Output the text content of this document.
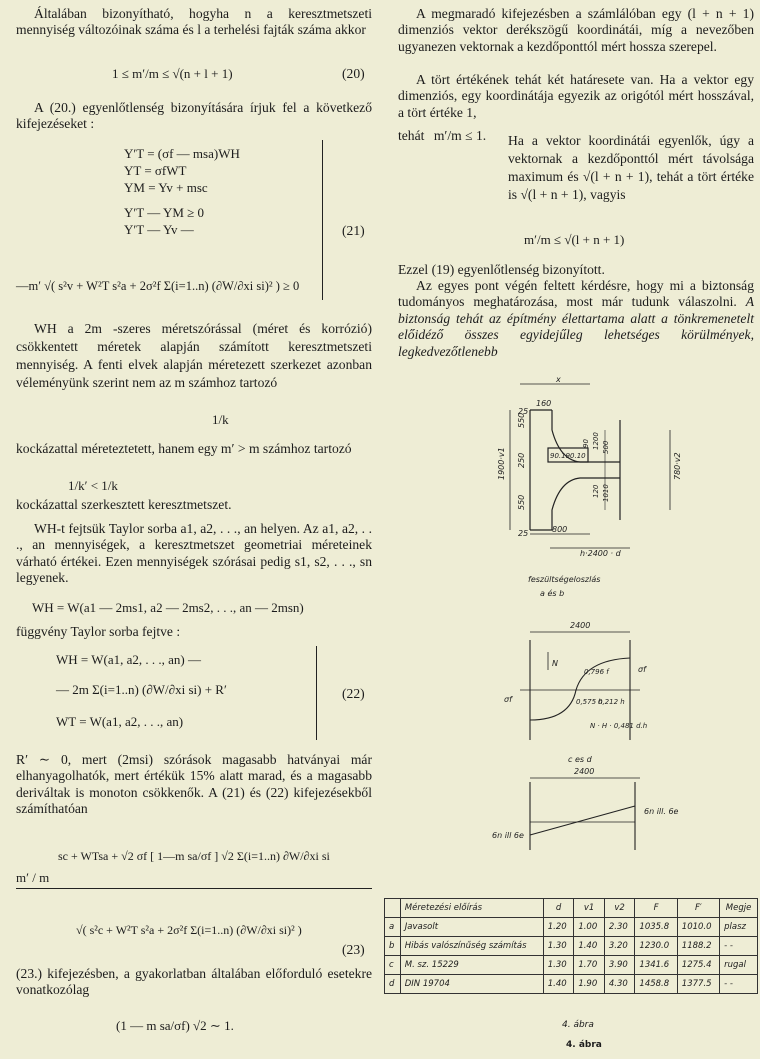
Általában bizonyítható, hogyha n a keresztmetszeti mennyiség változóinak száma és l a terhelési fajták száma akkor

1 ≤ m′/m ≤ √(n + l + 1)	(20)

A (20.) egyenlőtlenség bizonyítására írjuk fel a következő kifejezéseket :

Y′T = (σf — msa)WH
YT = σfWT
YM = Yv + msc
Y′T — YM ≥ 0
Y′T — Yv —
—m′ √( s²v + W²T s²a + 2σ²f Σ(i=1..n) (∂W/∂xi si)² ) ≥ 0
(21)

WH a 2m -szeres méretszórással (méret és korrózió) csökkentett méretek alapján számított keresztmetszeti mennyiség. A fenti elvek alapján méretezett szerkezet azonban véleményünk szerint nem az m számhoz tartozó

1/k

kockázattal méreteztetett, hanem egy m′ > m számhoz tartozó

1/k′ < 1/k

kockázattal szerkesztett keresztmetszet.

WH-t fejtsük Taylor sorba a1, a2, . . ., an helyen. Az a1, a2, . . ., an mennyiségek, a keresztmetszet geometriai méreteinek várható értékei. Ezen mennyiségek szórásai pedig s1, s2, . . ., sn legyenek.

WH = W(a1 — 2ms1, a2 — 2ms2, . . ., an — 2msn)

függvény Taylor sorba fejtve :

WH = W(a1, a2, . . ., an) —
— 2m Σ(i=1..n) (∂W/∂xi si) + R′
WT = W(a1, a2, . . ., an)
(22)

R′ ∼ 0, mert (2msi) szórások magasabb hatványai már elhanyagolhatók, mert értékük 15% alatt marad, és a magasabb deriváltak is monoton csökkenők. A (21) és (22) kifejezésekből számíthatóan

sc + WTsa + √2 σf [ 1—m sa/σf ] √2 Σ(i=1..n) ∂W/∂xi si
m′ / m
√( s²c + W²T s²a + 2σ²f Σ(i=1..n) (∂W/∂xi si)² )
(23)

(23.) kifejezésben, a gyakorlatban általában előforduló esetekre vonatkozólag

(1 — m sa/σf) √2 ∼ 1.

A megmaradó kifejezésben a számlálóban egy (l + n + 1) dimenziós vektor derékszögű koordinátái, míg a nevezőben ugyanezen vektornak a kezdőponttól mért hossza szerepel.

A tört értékének tehát két határesete van. Ha a vektor egy dimenziós, egy koordinátája egyezik az origótól mért hosszával, a tört értéke 1,

tehát m′/m ≤ 1. Ha a vektor koordinátái egyenlők, úgy a vektornak a kezdőponttól mért távolsága maximum és √(l + n + 1), tehát a tört értéke is √(l + n + 1), vagyis

m′/m ≤ √(l + n + 1)

Ezzel (19) egyenlőtlenség bizonyított.

Az egyes pont végén feltett kérdésre, hogy mi a biztonság tudományos meghatározása, most már tudunk válaszolni. A biztonság tehát az építmény élettartama alatt a tönkremenetelt előidéző összes egyidejűleg lehetséges körülmények, legkedvezőtlenebb

x
160
1900·v1
550
250
550
25
25
90.190.10
90 1200 500
120 1010
780·v2
800
h·2400 · d
feszültségeloszlás
a és b
2400
N
0,796 f	σf
σf	0,575 h
0,212 h
N · H · 0,481 d.h
c es d
2400
6n ill. 6e
6n ill 6e
	Méretezési előírás	d	v1	v2	F	F′	Megje
a	Javasolt	1.20	1.00	2.30	1035.8	1010.0	plasz
b	Hibás valószínűség számítás	1.30	1.40	3.20	1230.0	1188.2	- -
c	M. sz. 15229	1.30	1.70	3.90	1341.6	1275.4	rugal
d	DIN 19704	1.40	1.90	4.30	1458.8	1377.5	- -
4. ábra
4. ábra
